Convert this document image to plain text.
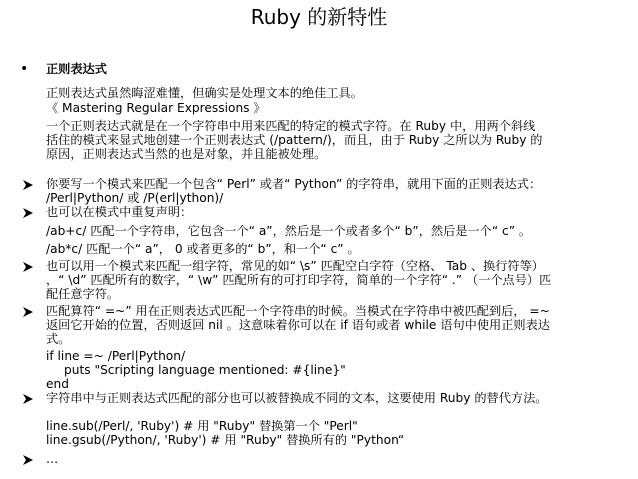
Ruby 的新特性
• 正则表达式
正则表达式虽然晦涩难懂，但确实是处理文本的绝佳工具。
《 Mastering Regular Expressions 》
一个正则表达式就是在一个字符串中用来匹配的特定的模式字符。在 Ruby 中，用两个斜线
括住的模式来显式地创建一个正则表达式 (/pattern/)，而且，由于 Ruby 之所以为 Ruby 的
原因，正则表达式当然的也是对象，并且能被处理。
你要写一个模式来匹配一个包含“ Perl” 或者“ Python” 的字符串，就用下面的正则表达式：
/Perl|Python/ 或 /P(erl|ython)/
也可以在模式中重复声明：
/ab+c/ 匹配一个字符串，它包含一个“ a”，然后是一个或者多个“ b”，然后是一个“ c” 。
/ab*c/ 匹配一个“ a”， 0 或者更多的“ b”，和一个“ c” 。
也可以用一个模式来匹配一组字符，常见的如“ \s” 匹配空白字符（空格、 Tab 、换行符等）
，“ \d” 匹配所有的数字，“ \w” 匹配所有的可打印字符，简单的一个字符“ .” （一个点号）匹
配任意字符。
匹配算符“ =~” 用在正则表达式匹配一个字符串的时候。当模式在字符串中被匹配到后， =~
返回它开始的位置，否则返回 nil 。这意味着你可以在 if 语句或者 while 语句中使用正则表达
式。
if line =~ /Perl|Python/
puts "Scripting language mentioned: #{line}"
end
字符串中与正则表达式匹配的部分也可以被替换成不同的文本，这要使用 Ruby 的替代方法。
line.sub(/Perl/, 'Ruby') # 用 "Ruby" 替换第一个 "Perl"
line.gsub(/Python/, 'Ruby') # 用 "Ruby" 替换所有的 "Python“
…
